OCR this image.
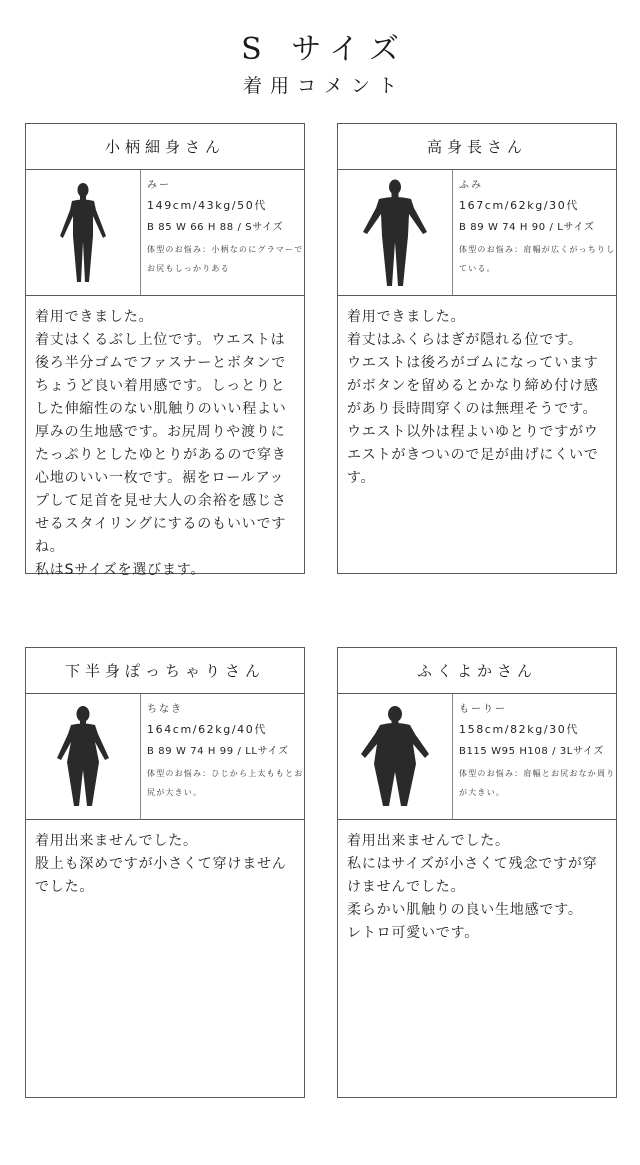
S サイズ
着用コメント
小柄細身さん
みー
149cm/43kg/50代
B 85 W 66 H 88 / Sサイズ
体型のお悩み：小柄なのにグラマーでお尻もしっかりある
着用できました。
着丈はくるぶし上位です。ウエストは後ろ半分ゴムでファスナーとボタンでちょうど良い着用感です。しっとりとした伸縮性のない肌触りのいい程よい厚みの生地感です。お尻周りや渡りにたっぷりとしたゆとりがあるので穿き心地のいい一枚です。裾をロールアップして足首を見せ大人の余裕を感じさせるスタイリングにするのもいいですね。
私はSサイズを選びます。
高身長さん
ふみ
167cm/62kg/30代
B 89 W 74 H 90 / Lサイズ
体型のお悩み：肩幅が広くがっちりしている。
着用できました。
着丈はふくらはぎが隠れる位です。
ウエストは後ろがゴムになっていますがボタンを留めるとかなり締め付け感があり長時間穿くのは無理そうです。
ウエスト以外は程よいゆとりですがウエストがきついので足が曲げにくいです。
下半身ぽっちゃりさん
ちなき
164cm/62kg/40代
B 89 W 74 H 99 / LLサイズ
体型のお悩み：ひじから上太ももとお尻が大きい。
着用出来ませんでした。
股上も深めですが小さくて穿けませんでした。
ふくよかさん
もーりー
158cm/82kg/30代
B115 W95 H108 / 3Lサイズ
体型のお悩み：肩幅とお尻おなか周りが大きい。
着用出来ませんでした。
私にはサイズが小さくて残念ですが穿けませんでした。
柔らかい肌触りの良い生地感です。
レトロ可愛いです。
